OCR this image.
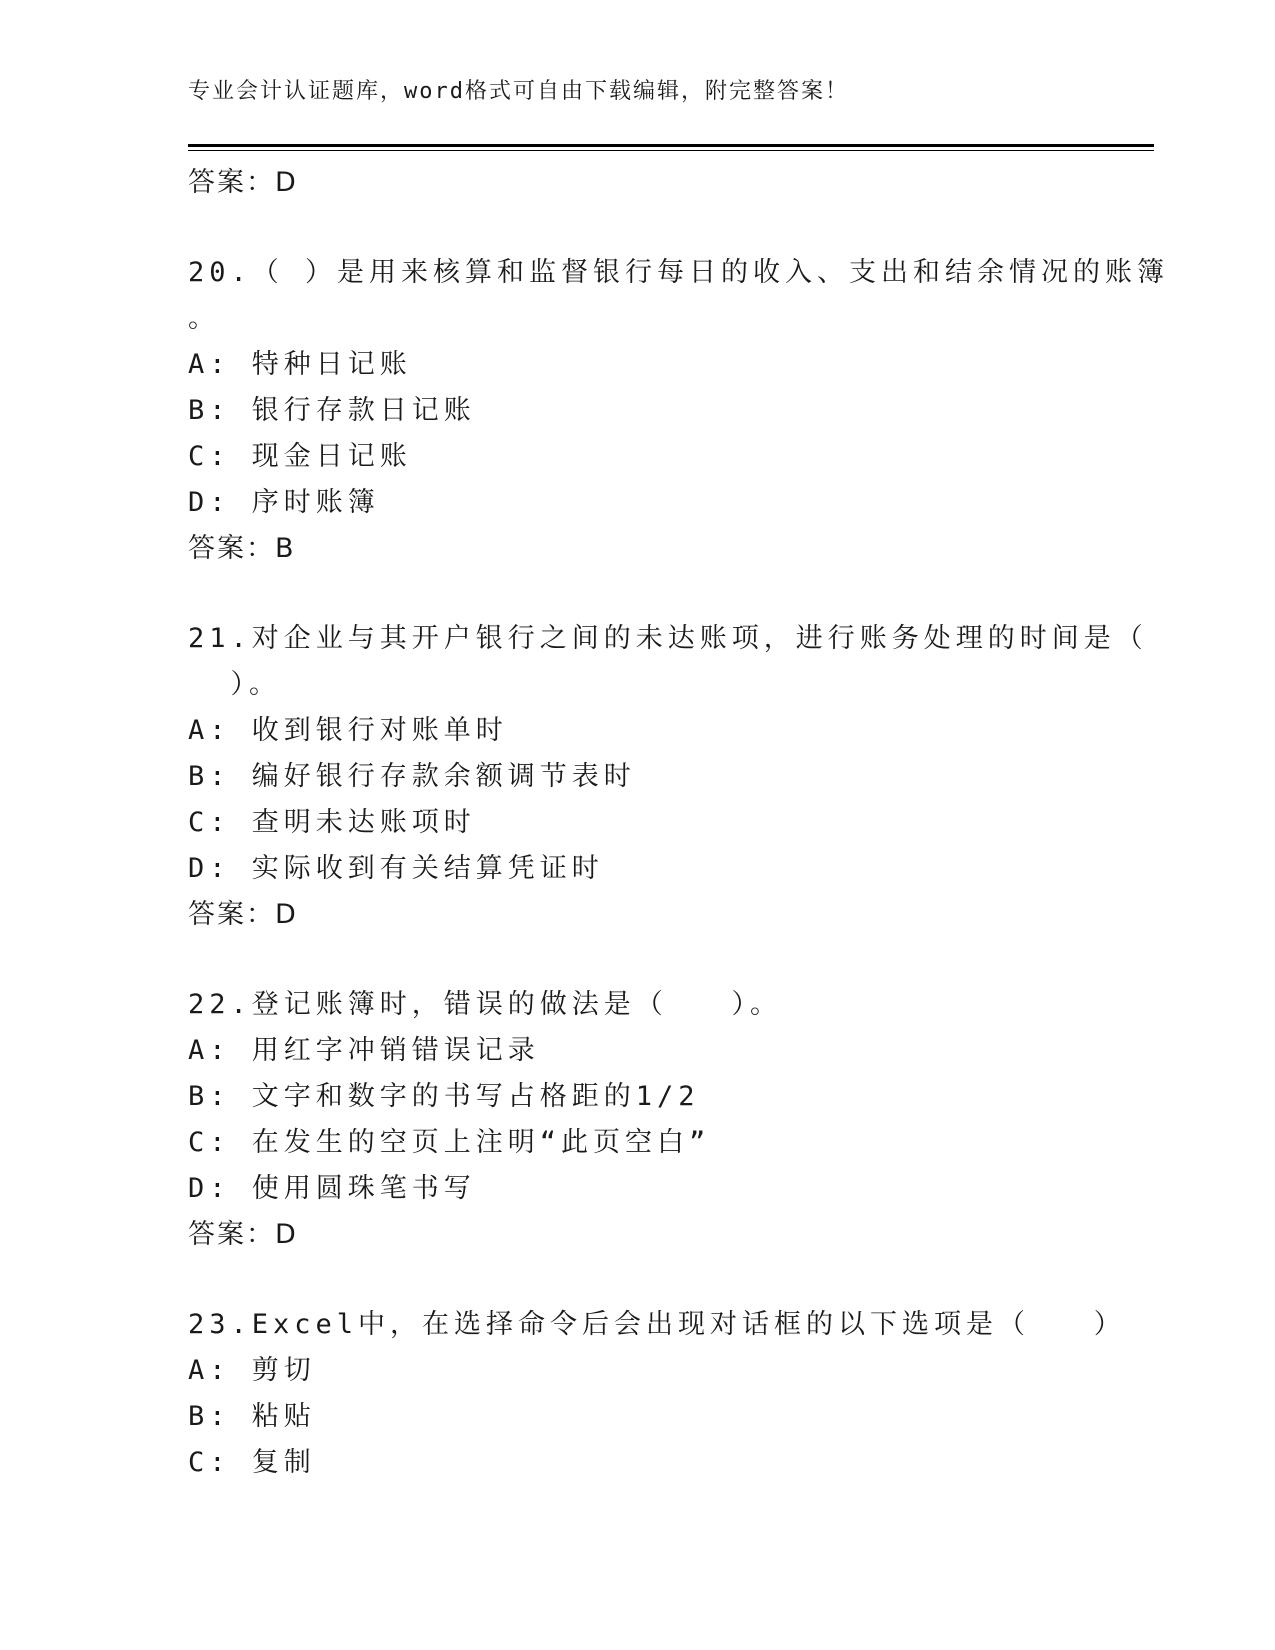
专业会计认证题库，word格式可自由下载编辑，附完整答案！
答案：D
20.（ ）是用来核算和监督银行每日的收入、支出和结余情况的账簿
。
A: 特种日记账
B: 银行存款日记账
C: 现金日记账
D: 序时账簿
答案：B
21.对企业与其开户银行之间的未达账项，进行账务处理的时间是（
）。
A: 收到银行对账单时
B: 编好银行存款余额调节表时
C: 查明未达账项时
D: 实际收到有关结算凭证时
答案：D
22.登记账簿时，错误的做法是（   ）。
A: 用红字冲销错误记录
B: 文字和数字的书写占格距的1/2
C: 在发生的空页上注明“此页空白”
D: 使用圆珠笔书写
答案：D
23.Excel中，在选择命令后会出现对话框的以下选项是（   ）
A: 剪切
B: 粘贴
C: 复制
